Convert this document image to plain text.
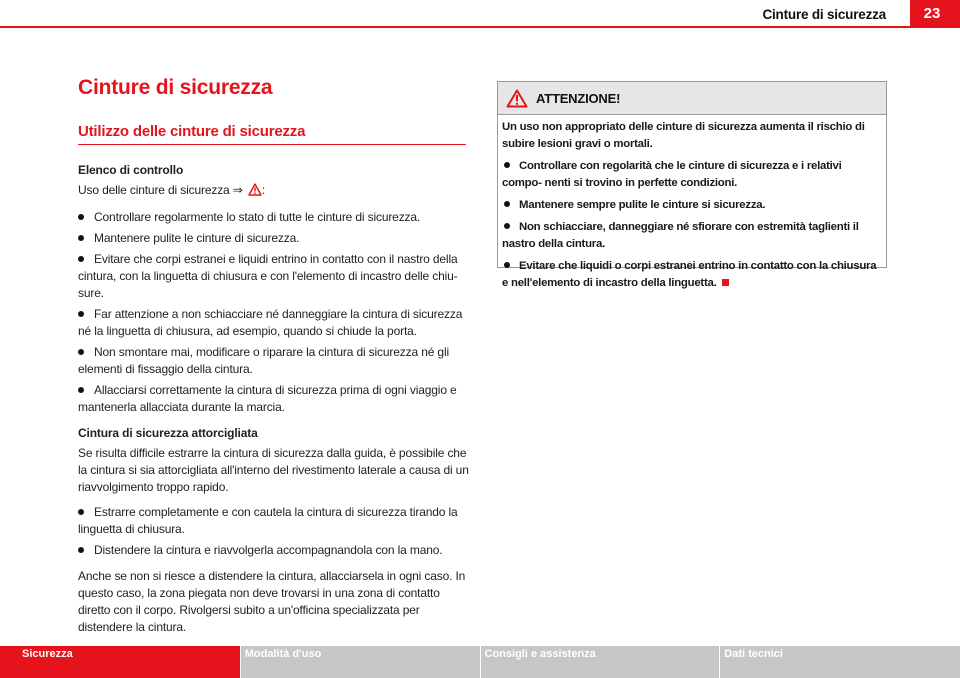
Cinture di sicurezza	23
Cinture di sicurezza
Utilizzo delle cinture di sicurezza
Elenco di controllo

Uso delle cinture di sicurezza ⇒ :

Controllare regolarmente lo stato di tutte le cinture di sicurezza.
Mantenere pulite le cinture di sicurezza.
Evitare che corpi estranei e liquidi entrino in contatto con il nastro della cintura, con la linguetta di chiusura e con l'elemento di incastro delle chiu- sure.
Far attenzione a non schiacciare né danneggiare la cintura di sicurezza né la linguetta di chiusura, ad esempio, quando si chiude la porta.
Non smontare mai, modificare o riparare la cintura di sicurezza né gli elementi di fissaggio della cintura.
Allacciarsi correttamente la cintura di sicurezza prima di ogni viaggio e mantenerla allacciata durante la marcia.
Cintura di sicurezza attorcigliata

Se risulta difficile estrarre la cintura di sicurezza dalla guida, è possibile che la cintura si sia attorcigliata all'interno del rivestimento laterale a causa di un riavvolgimento troppo rapido.

Estrarre completamente e con cautela la cintura di sicurezza tirando la linguetta di chiusura.
Distendere la cintura e riavvolgerla accompagnandola con la mano.

Anche se non si riesce a distendere la cintura, allacciarsela in ogni caso. In questo caso, la zona piegata non deve trovarsi in una zona di contatto diretto con il corpo. Rivolgersi subito a un'officina specializzata per distendere la cintura.

ATTENZIONE!

Un uso non appropriato delle cinture di sicurezza aumenta il rischio di subire lesioni gravi o mortali.

Controllare con regolarità che le cinture di sicurezza e i relativi compo- nenti si trovino in perfette condizioni.

Mantenere sempre pulite le cinture si sicurezza.

Non schiacciare, danneggiare né sfiorare con estremità taglienti il nastro della cintura.

Evitare che liquidi o corpi estranei entrino in contatto con la chiusura e nell'elemento di incastro della linguetta.

Sicurezza	Modalità d'uso	Consigli e assistenza	Dati tecnici
